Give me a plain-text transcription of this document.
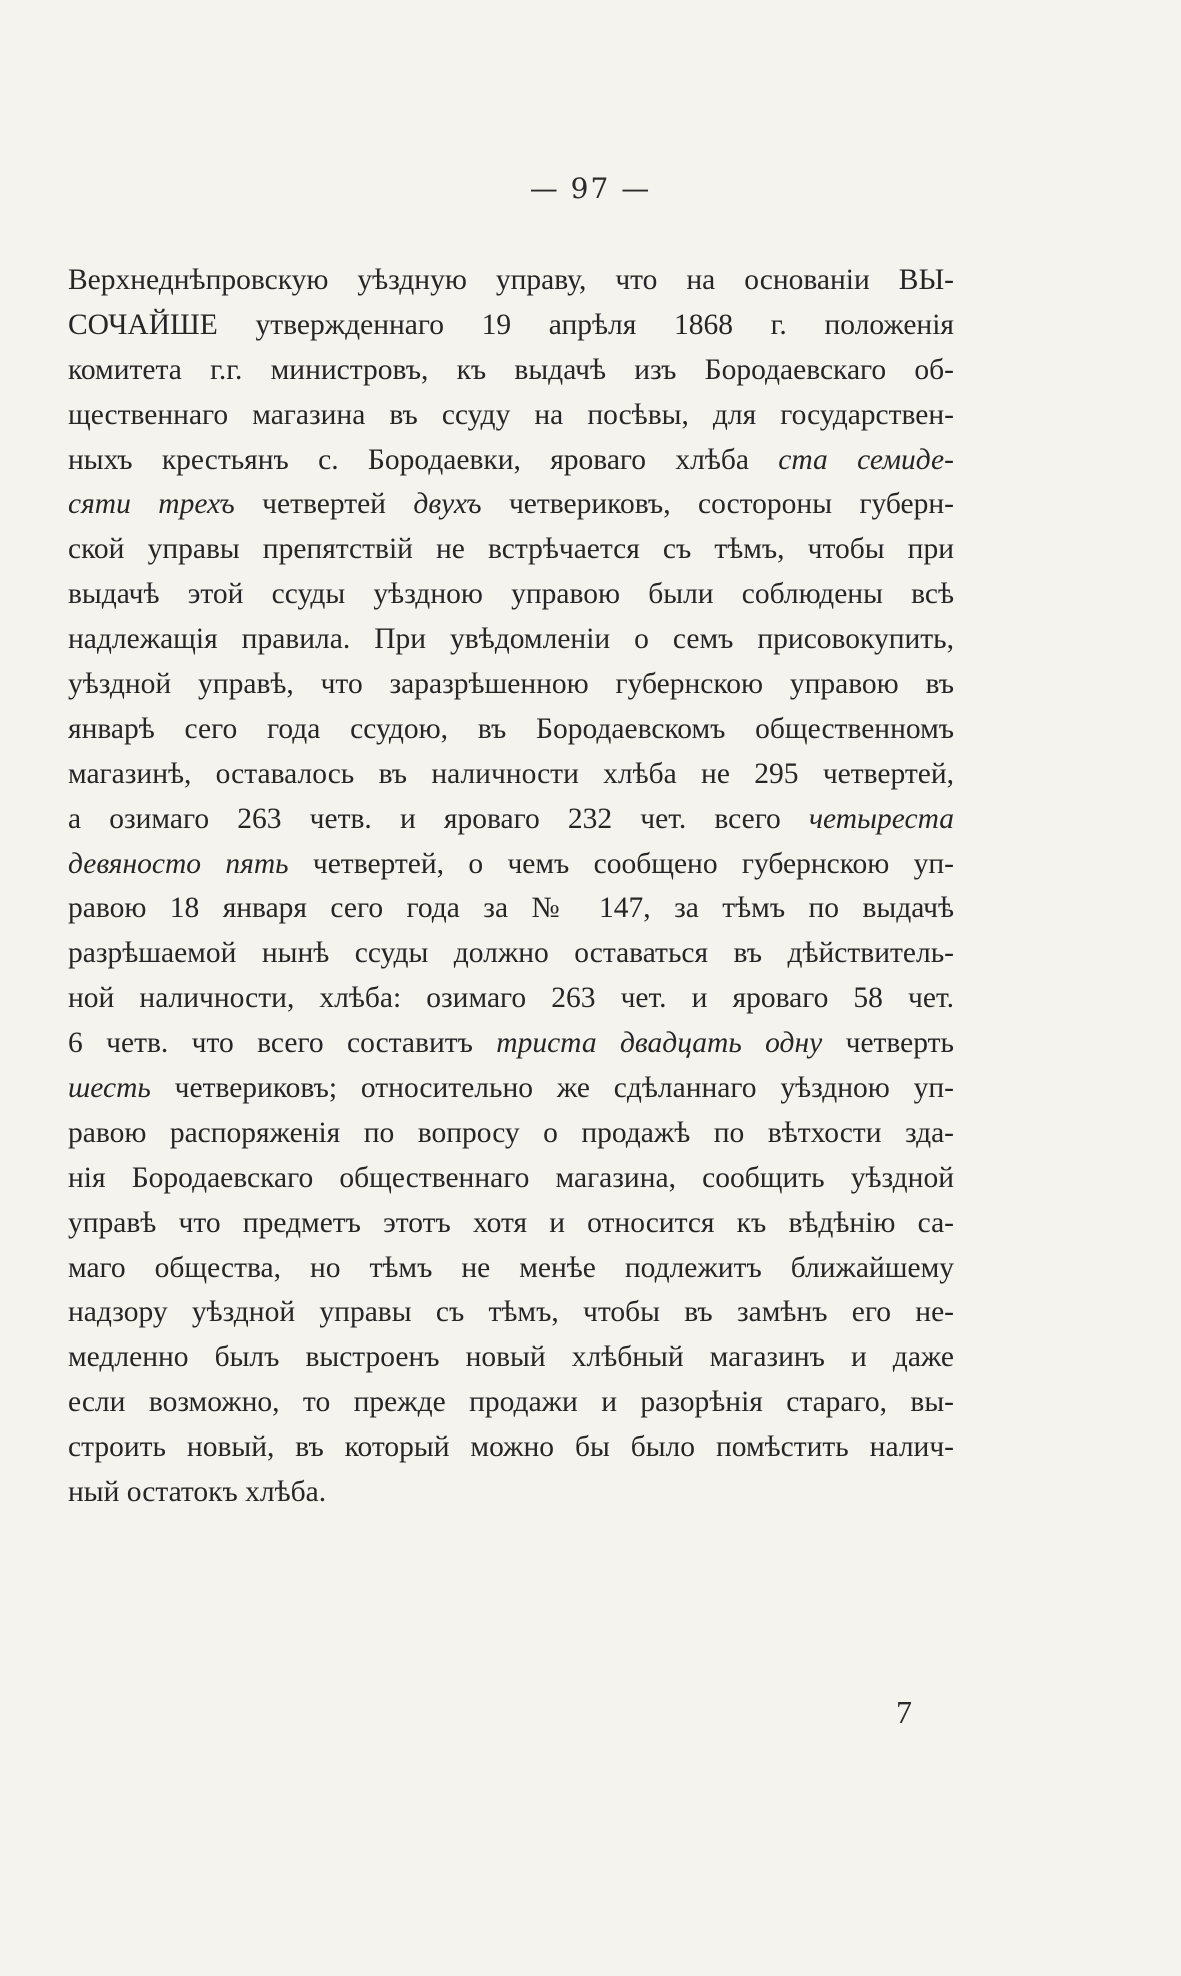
— 97 —
Верхнеднѣпровскую уѣздную управу, что на основаніи ВЫ-
СОЧАЙШЕ утвержденнаго 19 апрѣля 1868 г. положенія
комитета г.г. министровъ, къ выдачѣ изъ Бородаевскаго об-
щественнаго магазина въ ссуду на посѣвы, для государствен-
ныхъ крестьянъ с. Бородаевки, яроваго хлѣба ста семиде-
сяти трехъ четвертей двухъ четвериковъ, состороны губерн-
ской управы препятствій не встрѣчается съ тѣмъ, чтобы при
выдачѣ этой ссуды уѣздною управою были соблюдены всѣ
надлежащія правила. При увѣдомленіи о семъ присовокупить,
уѣздной управѣ, что заразрѣшенною губернскою управою въ
январѣ сего года ссудою, въ Бородаевскомъ общественномъ
магазинѣ, оставалось въ наличности хлѣба не 295 четвертей,
а озимаго 263 четв. и яроваго 232 чет. всего четыреста
девяносто пять четвертей, о чемъ сообщено губернскою уп-
равою 18 января сего года за № 147, за тѣмъ по выдачѣ
разрѣшаемой нынѣ ссуды должно оставаться въ дѣйствитель-
ной наличности, хлѣба: озимаго 263 чет. и яроваго 58 чет.
6 четв. что всего составитъ триста двадцать одну четверть
шесть четвериковъ; относительно же сдѣланнаго уѣздною уп-
равою распоряженія по вопросу о продажѣ по вѣтхости зда-
нія Бородаевскаго общественнаго магазина, сообщить уѣздной
управѣ что предметъ этотъ хотя и относится къ вѣдѣнію са-
маго общества, но тѣмъ не менѣе подлежитъ ближайшему
надзору уѣздной управы съ тѣмъ, чтобы въ замѣнъ его не-
медленно былъ выстроенъ новый хлѣбный магазинъ и даже
если возможно, то прежде продажи и разорѣнія стараго, вы-
строить новый, въ который можно бы было помѣстить налич-
ный остатокъ хлѣба.
7
